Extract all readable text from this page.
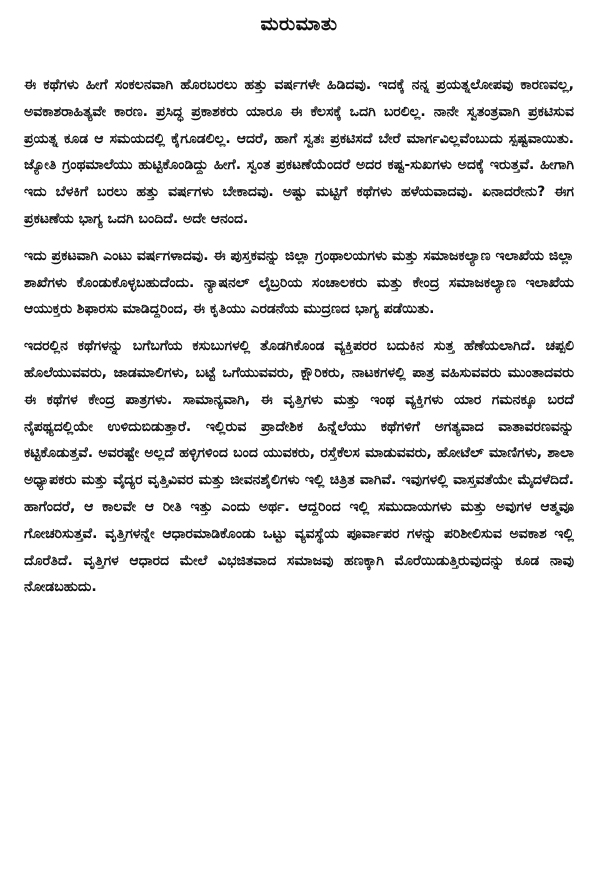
ಮರುಮಾತು

ಈ ಕಥೆಗಳು ಹೀಗೆ ಸಂಕಲನವಾಗಿ ಹೊರಬರಲು ಹತ್ತು ವರ್ಷಗಳೇ ಹಿಡಿದವು. ಇದಕ್ಕೆ ನನ್ನ ಪ್ರಯತ್ನಲೋಪವು ಕಾರಣವಲ್ಲ, ಅವಕಾಶರಾಹಿತ್ಯವೇ ಕಾರಣ. ಪ್ರಸಿದ್ಧ ಪ್ರಕಾಶಕರು ಯಾರೂ ಈ ಕೆಲಸಕ್ಕೆ ಒದಗಿ ಬರಲಿಲ್ಲ. ನಾನೇ ಸ್ವತಂತ್ರವಾಗಿ ಪ್ರಕಟಿಸುವ ಪ್ರಯತ್ನ ಕೂಡ ಆ ಸಮಯದಲ್ಲಿ ಕೈಗೂಡಲಿಲ್ಲ. ಆದರೆ, ಹಾಗೆ ಸ್ವತಃ ಪ್ರಕಟಿಸದೆ ಬೇರೆ ಮಾರ್ಗವಿಲ್ಲವೆಂಬುದು ಸ್ಪಷ್ಟವಾಯಿತು. ಜ್ಯೋತಿ ಗ್ರಂಥಮಾಲೆಯು ಹುಟ್ಟಿಕೊಂಡಿದ್ದು ಹೀಗೆ. ಸ್ವಂತ ಪ್ರಕಟಣೆಯೆಂದರೆ ಅದರ ಕಷ್ಟ-ಸುಖಗಳು ಅದಕ್ಕೆ ಇರುತ್ತವೆ. ಹೀಗಾಗಿ ಇದು ಬೆಳಕಿಗೆ ಬರಲು ಹತ್ತು ವರ್ಷಗಳು ಬೇಕಾದವು. ಅಷ್ಟು ಮಟ್ಟಿಗೆ ಕಥೆಗಳು ಹಳೆಯವಾದವು. ಏನಾದರೇನು? ಈಗ ಪ್ರಕಟಣೆಯ ಭಾಗ್ಯ ಒದಗಿ ಬಂದಿದೆ. ಅದೇ ಆನಂದ.

ಇದು ಪ್ರಕಟವಾಗಿ ಎಂಟು ವರ್ಷಗಳಾದವು. ಈ ಪುಸ್ತಕವನ್ನು ಜಿಲ್ಲಾ ಗ್ರಂಥಾಲಯಗಳು ಮತ್ತು ಸಮಾಜಕಲ್ಯಾಣ ಇಲಾಖೆಯ ಜಿಲ್ಲಾ ಶಾಖೆಗಳು ಕೊಂಡುಕೊಳ್ಳಬಹುದೆಂದು. ನ್ಯಾಷನಲ್ ಲೈಬ್ರರಿಯ ಸಂಚಾಲಕರು ಮತ್ತು ಕೇಂದ್ರ ಸಮಾಜಕಲ್ಯಾಣ ಇಲಾಖೆಯ ಆಯುಕ್ತರು ಶಿಫಾರಸು ಮಾಡಿದ್ದರಿಂದ, ಈ ಕೃತಿಯು ಎರಡನೆಯ ಮುದ್ರಣದ ಭಾಗ್ಯ ಪಡೆಯಿತು.

ಇದರಲ್ಲಿನ ಕಥೆಗಳನ್ನು ಬಗೆಬಗೆಯ ಕಸುಬುಗಳಲ್ಲಿ ತೊಡಗಿಕೊಂಡ ವ್ಯಕ್ತಿಪರರ ಬದುಕಿನ ಸುತ್ತ ಹೆಣೆಯಲಾಗಿದೆ. ಚಪ್ಪಲಿ ಹೊಲೆಯುವವರು, ಜಾಡಮಾಲಿಗಳು, ಬಟ್ಟೆ ಒಗೆಯುವವರು, ಕ್ಷೌರಿಕರು, ನಾಟಕಗಳಲ್ಲಿ ಪಾತ್ರ ವಹಿಸುವವರು ಮುಂತಾದವರು ಈ ಕಥೆಗಳ ಕೇಂದ್ರ ಪಾತ್ರಗಳು. ಸಾಮಾನ್ಯವಾಗಿ, ಈ ವೃತ್ತಿಗಳು ಮತ್ತು ಇಂಥ ವ್ಯಕ್ತಿಗಳು ಯಾರ ಗಮನಕ್ಕೂ ಬರದೆ ನೈಪಥ್ಯದಲ್ಲಿಯೇ ಉಳಿದುಬಿಡುತ್ತಾರೆ. ಇಲ್ಲಿರುವ ಪ್ರಾದೇಶಿಕ ಹಿನ್ನೆಲೆಯು ಕಥೆಗಳಿಗೆ ಅಗತ್ಯವಾದ ವಾತಾವರಣವನ್ನು ಕಟ್ಟಿಕೊಡುತ್ತವೆ. ಅವರಷ್ಟೇ ಅಲ್ಲದೆ ಹಳ್ಳಿಗಳಿಂದ ಬಂದ ಯುವಕರು, ರಸ್ತೆಕೆಲಸ ಮಾಡುವವರು, ಹೋಟೆಲ್ ಮಾಣಿಗಳು, ಶಾಲಾ ಅಧ್ಯಾಪಕರು ಮತ್ತು ವೈದ್ಯರ ವೃತ್ತಿವಿವರ ಮತ್ತು ಜೀವನಶೈಲಿಗಳು ಇಲ್ಲಿ ಚಿತ್ರಿತ ವಾಗಿವೆ. ಇವುಗಳಲ್ಲಿ ವಾಸ್ತವತೆಯೇ ಮೈದಳೆದಿದೆ. ಹಾಗೆಂದರೆ, ಆ ಕಾಲವೇ ಆ ರೀತಿ ಇತ್ತು ಎಂದು ಅರ್ಥ. ಆದ್ದರಿಂದ ಇಲ್ಲಿ ಸಮುದಾಯಗಳು ಮತ್ತು ಅವುಗಳ ಆತ್ಮವೂ ಗೋಚರಿಸುತ್ತವೆ. ವೃತ್ತಿಗಳನ್ನೇ ಆಧಾರಮಾಡಿಕೊಂಡು ಒಟ್ಟು ವ್ಯವಸ್ಥೆಯ ಪೂರ್ವಾಪರ ಗಳನ್ನು ಪರಿಶೀಲಿಸುವ ಅವಕಾಶ ಇಲ್ಲಿ ದೊರೆತಿದೆ. ವೃತ್ತಿಗಳ ಆಧಾರದ ಮೇಲೆ ವಿಭಜಿತವಾದ ಸಮಾಜವು ಹಣಕ್ಕಾಗಿ ಮೊರೆಯಿಡುತ್ತಿರುವುದನ್ನು ಕೂಡ ನಾವು ನೋಡಬಹುದು.
